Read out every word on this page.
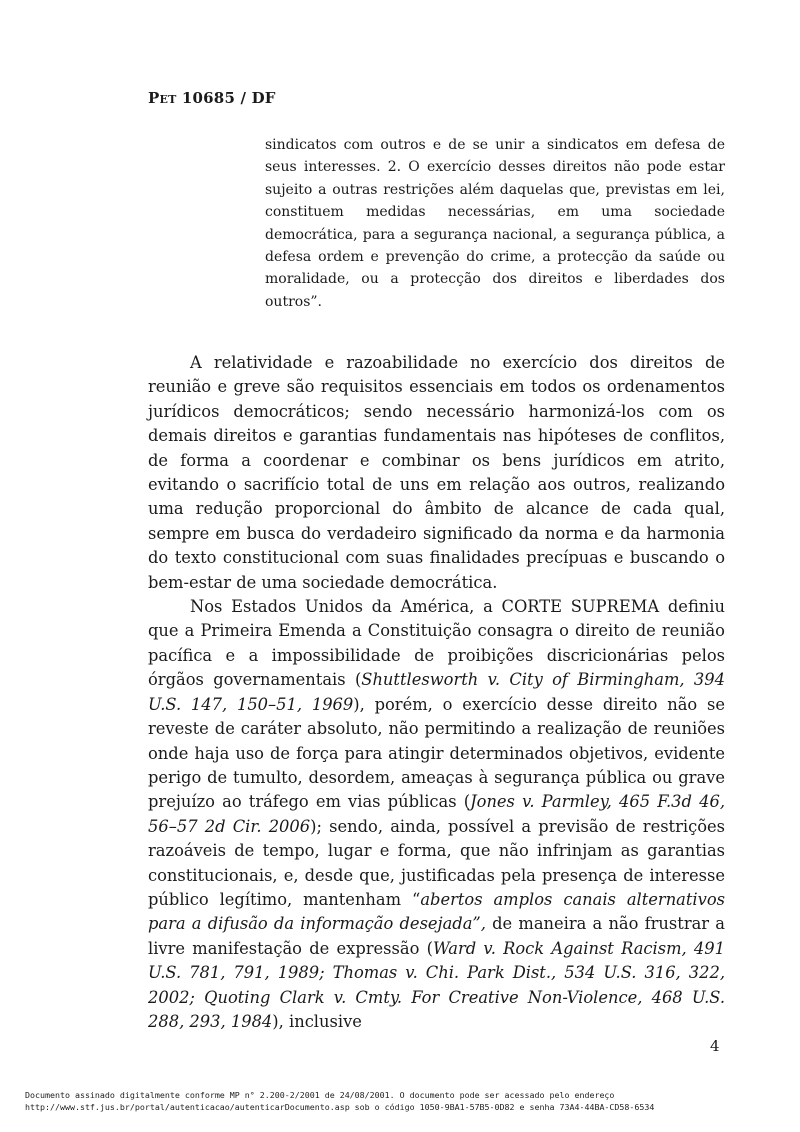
Pet 10685 / DF
sindicatos com outros e de se unir a sindicatos em defesa de seus interesses. 2. O exercício desses direitos não pode estar sujeito a outras restrições além daquelas que, previstas em lei, constituem medidas necessárias, em uma sociedade democrática, para a segurança nacional, a segurança pública, a defesa ordem e prevenção do crime, a protecção da saúde ou moralidade, ou a protecção dos direitos e liberdades dos outros”.

A relatividade e razoabilidade no exercício dos direitos de reunião e greve são requisitos essenciais em todos os ordenamentos jurídicos democráticos; sendo necessário harmonizá-los com os demais direitos e garantias fundamentais nas hipóteses de conflitos, de forma a coordenar e combinar os bens jurídicos em atrito, evitando o sacrifício total de uns em relação aos outros, realizando uma redução proporcional do âmbito de alcance de cada qual, sempre em busca do verdadeiro significado da norma e da harmonia do texto constitucional com suas finalidades precípuas e buscando o bem-estar de uma sociedade democrática.

Nos Estados Unidos da América, a CORTE SUPREMA definiu que a Primeira Emenda a Constituição consagra o direito de reunião pacífica e a impossibilidade de proibições discricionárias pelos órgãos governamentais (Shuttlesworth v. City of Birmingham, 394 U.S. 147, 150–51, 1969), porém, o exercício desse direito não se reveste de caráter absoluto, não permitindo a realização de reuniões onde haja uso de força para atingir determinados objetivos, evidente perigo de tumulto, desordem, ameaças à segurança pública ou grave prejuízo ao tráfego em vias públicas (Jones v. Parmley, 465 F.3d 46, 56–57 2d Cir. 2006); sendo, ainda, possível a previsão de restrições razoáveis de tempo, lugar e forma, que não infrinjam as garantias constitucionais, e, desde que, justificadas pela presença de interesse público legítimo, mantenham “abertos amplos canais alternativos para a difusão da informação desejada”, de maneira a não frustrar a livre manifestação de expressão (Ward v. Rock Against Racism, 491 U.S. 781, 791, 1989; Thomas v. Chi. Park Dist., 534 U.S. 316, 322, 2002; Quoting Clark v. Cmty. For Creative Non-Violence, 468 U.S. 288, 293, 1984), inclusive

4
Documento assinado digitalmente conforme MP n° 2.200-2/2001 de 24/08/2001. O documento pode ser acessado pelo endereço
http://www.stf.jus.br/portal/autenticacao/autenticarDocumento.asp sob o código 1050-9BA1-57B5-0D82 e senha 73A4-44BA-CD58-6534
